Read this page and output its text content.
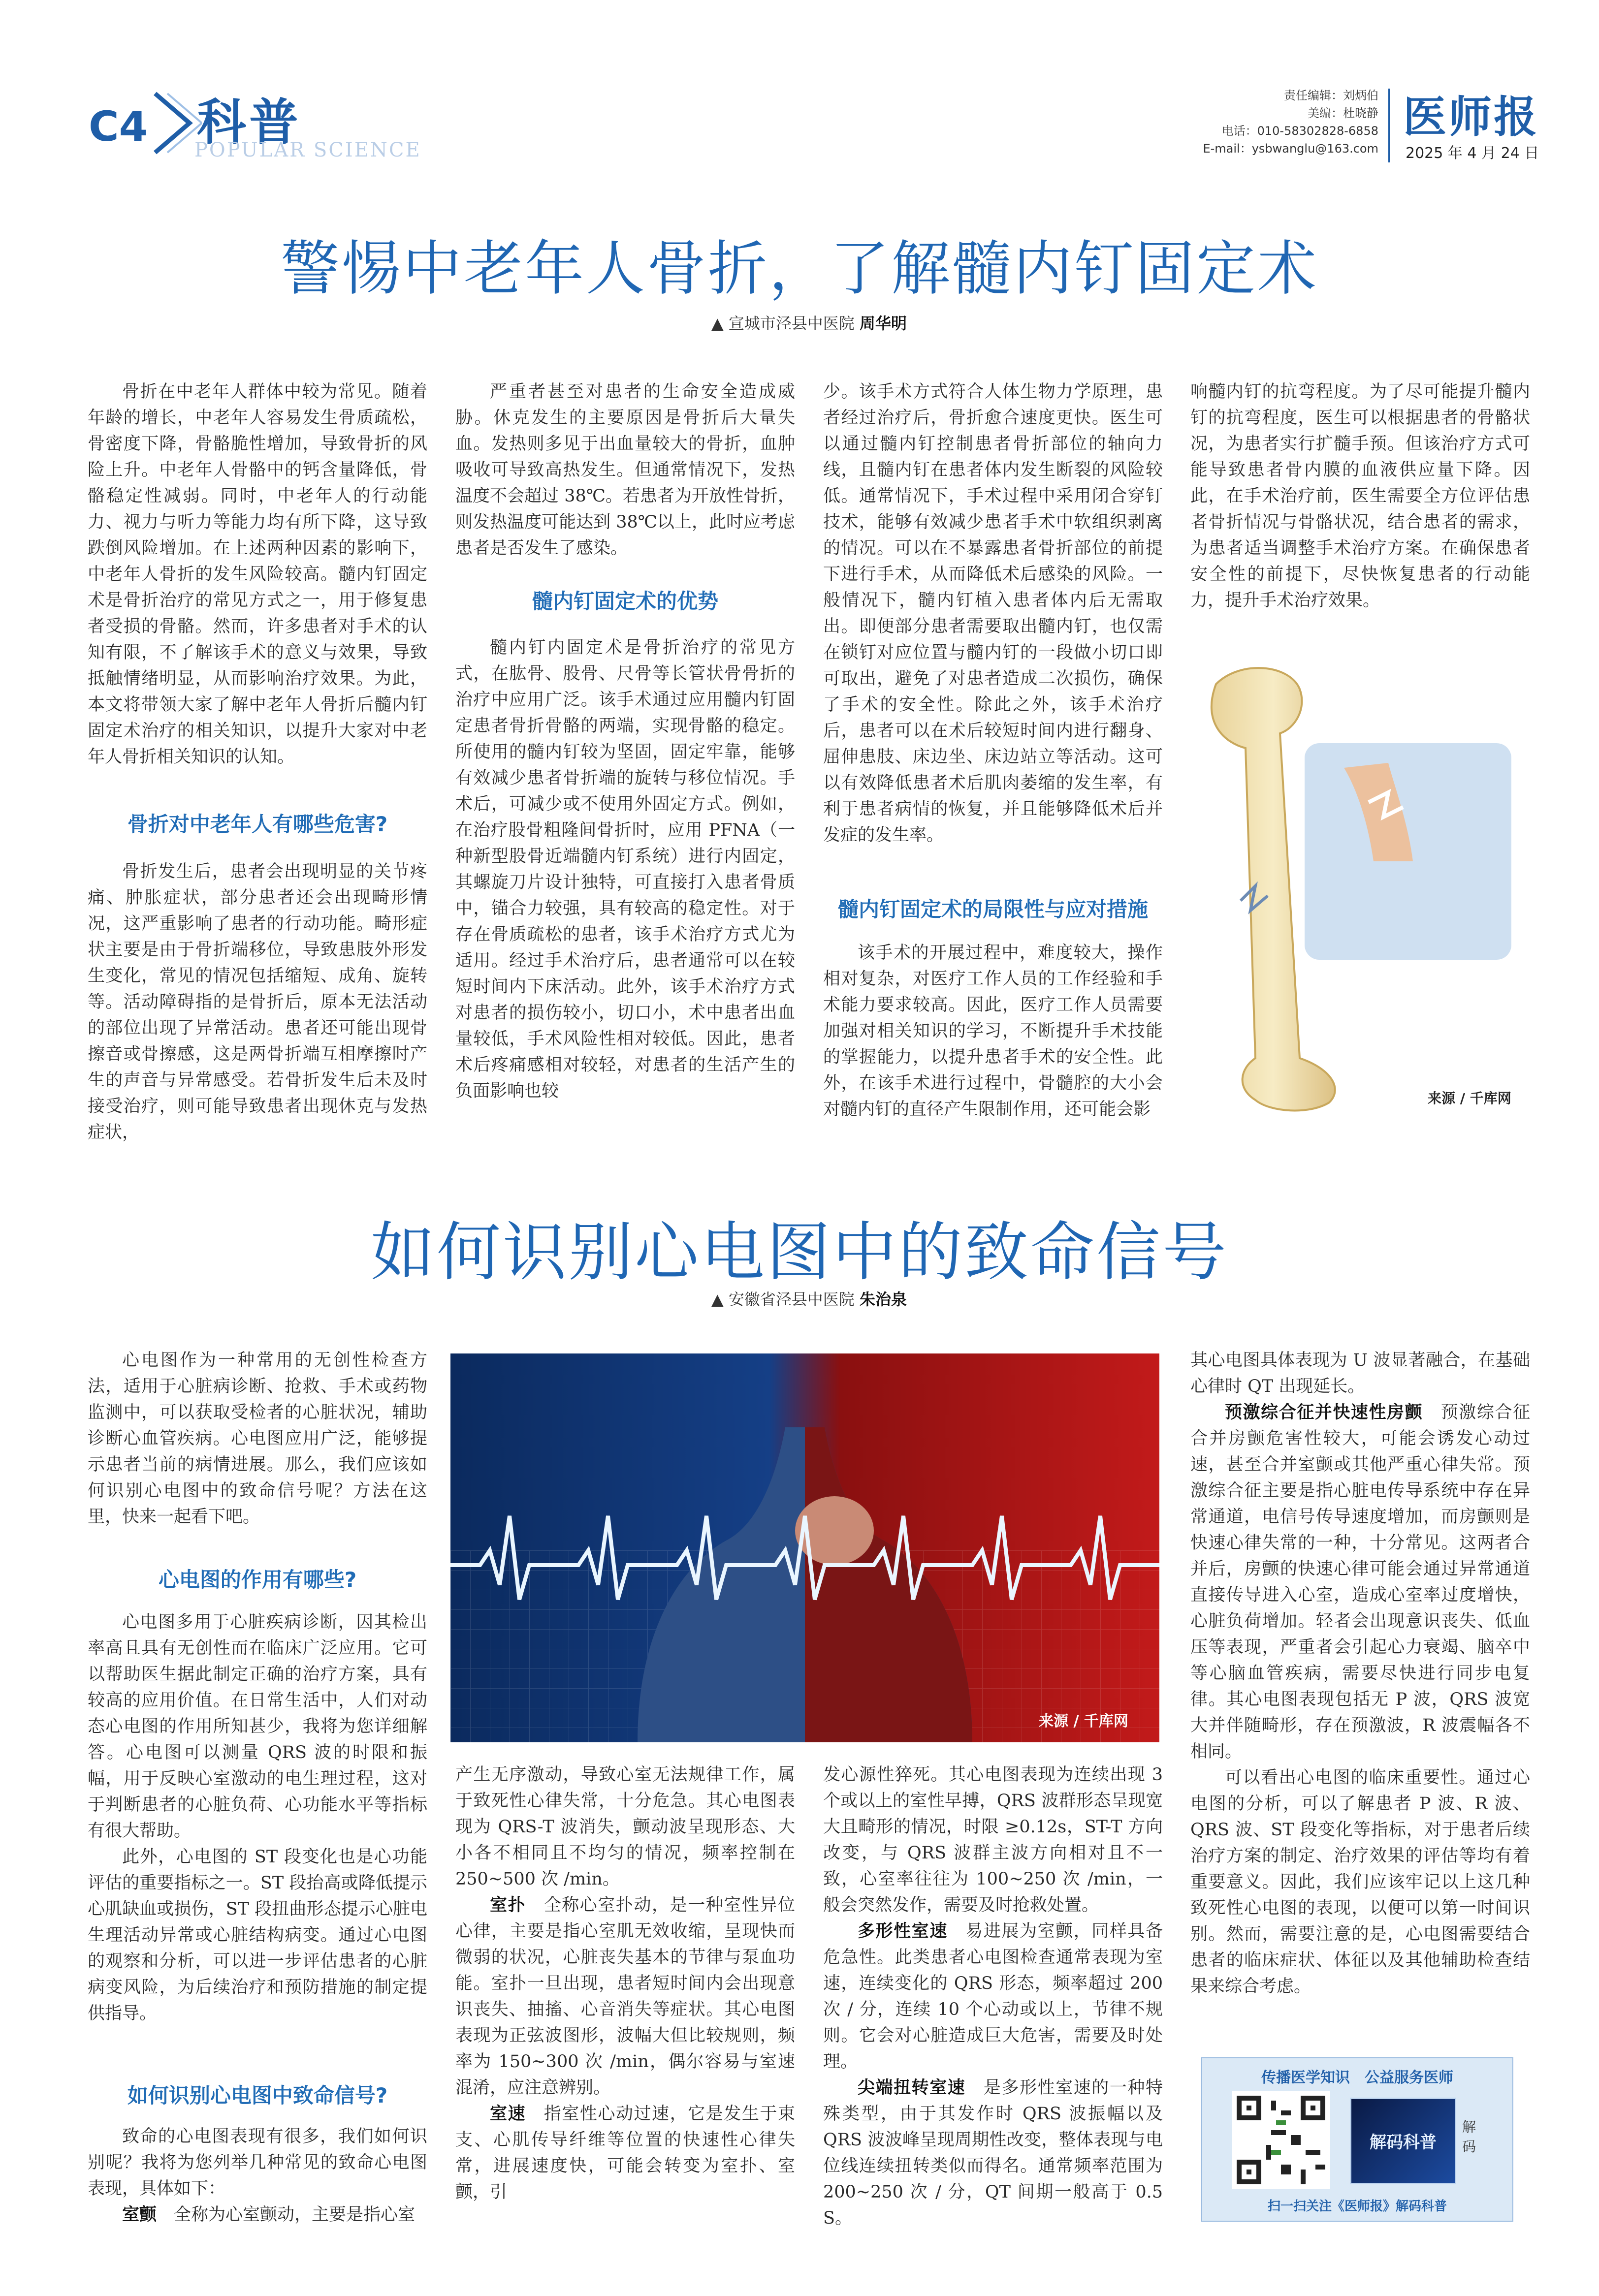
C4 科普
POPULAR SCIENCE
责任编辑：刘炳伯
美编：杜晓静
电话：010-58302828-6858
E-mail：ysbwanglu@163.com
医师报
2025 年 4 月 24 日
警惕中老年人骨折，了解髓内钉固定术
▲ 宣城市泾县中医院 周华明

骨折在中老年人群体中较为常见。随着年龄的增长，中老年人容易发生骨质疏松，骨密度下降，骨骼脆性增加，导致骨折的风险上升。中老年人骨骼中的钙含量降低，骨骼稳定性减弱。同时，中老年人的行动能力、视力与听力等能力均有所下降，这导致跌倒风险增加。在上述两种因素的影响下，中老年人骨折的发生风险较高。髓内钉固定术是骨折治疗的常见方式之一，用于修复患者受损的骨骼。然而，许多患者对手术的认知有限，不了解该手术的意义与效果，导致抵触情绪明显，从而影响治疗效果。为此，本文将带领大家了解中老年人骨折后髓内钉固定术治疗的相关知识，以提升大家对中老年人骨折相关知识的认知。

骨折对中老年人有哪些危害?

骨折发生后，患者会出现明显的关节疼痛、肿胀症状，部分患者还会出现畸形情况，这严重影响了患者的行动功能。畸形症状主要是由于骨折端移位，导致患肢外形发生变化，常见的情况包括缩短、成角、旋转等。活动障碍指的是骨折后，原本无法活动的部位出现了异常活动。患者还可能出现骨擦音或骨擦感，这是两骨折端互相摩擦时产生的声音与异常感受。若骨折发生后未及时接受治疗，则可能导致患者出现休克与发热症状，

严重者甚至对患者的生命安全造成威胁。休克发生的主要原因是骨折后大量失血。发热则多见于出血量较大的骨折，血肿吸收可导致高热发生。但通常情况下，发热温度不会超过 38℃。若患者为开放性骨折，则发热温度可能达到 38℃以上，此时应考虑患者是否发生了感染。

髓内钉固定术的优势

髓内钉内固定术是骨折治疗的常见方式，在肱骨、股骨、尺骨等长管状骨骨折的治疗中应用广泛。该手术通过应用髓内钉固定患者骨折骨骼的两端，实现骨骼的稳定。所使用的髓内钉较为坚固，固定牢靠，能够有效减少患者骨折端的旋转与移位情况。手术后，可减少或不使用外固定方式。例如，在治疗股骨粗隆间骨折时，应用 PFNA（一种新型股骨近端髓内钉系统）进行内固定，其螺旋刀片设计独特，可直接打入患者骨质中，锚合力较强，具有较高的稳定性。对于存在骨质疏松的患者，该手术治疗方式尤为适用。经过手术治疗后，患者通常可以在较短时间内下床活动。此外，该手术治疗方式对患者的损伤较小，切口小，术中患者出血量较低，手术风险性相对较低。因此，患者术后疼痛感相对较轻，对患者的生活产生的负面影响也较

少。该手术方式符合人体生物力学原理，患者经过治疗后，骨折愈合速度更快。医生可以通过髓内钉控制患者骨折部位的轴向力线，且髓内钉在患者体内发生断裂的风险较低。通常情况下，手术过程中采用闭合穿钉技术，能够有效减少患者手术中软组织剥离的情况。可以在不暴露患者骨折部位的前提下进行手术，从而降低术后感染的风险。一般情况下，髓内钉植入患者体内后无需取出。即便部分患者需要取出髓内钉，也仅需在锁钉对应位置与髓内钉的一段做小切口即可取出，避免了对患者造成二次损伤，确保了手术的安全性。除此之外，该手术治疗后，患者可以在术后较短时间内进行翻身、屈伸患肢、床边坐、床边站立等活动。这可以有效降低患者术后肌肉萎缩的发生率，有利于患者病情的恢复，并且能够降低术后并发症的发生率。

髓内钉固定术的局限性与应对措施

该手术的开展过程中，难度较大，操作相对复杂，对医疗工作人员的工作经验和手术能力要求较高。因此，医疗工作人员需要加强对相关知识的学习，不断提升手术技能的掌握能力，以提升患者手术的安全性。此外，在该手术进行过程中，骨髓腔的大小会对髓内钉的直径产生限制作用，还可能会影

响髓内钉的抗弯程度。为了尽可能提升髓内钉的抗弯程度，医生可以根据患者的骨骼状况，为患者实行扩髓手预。但该治疗方式可能导致患者骨内膜的血液供应量下降。因此，在手术治疗前，医生需要全方位评估患者骨折情况与骨骼状况，结合患者的需求，为患者适当调整手术治疗方案。在确保患者安全性的前提下，尽快恢复患者的行动能力，提升手术治疗效果。

来源 / 千库网
如何识别心电图中的致命信号
▲ 安徽省泾县中医院 朱治泉

心电图作为一种常用的无创性检查方法，适用于心脏病诊断、抢救、手术或药物监测中，可以获取受检者的心脏状况，辅助诊断心血管疾病。心电图应用广泛，能够提示患者当前的病情进展。那么，我们应该如何识别心电图中的致命信号呢？方法在这里，快来一起看下吧。

心电图的作用有哪些?

心电图多用于心脏疾病诊断，因其检出率高且具有无创性而在临床广泛应用。它可以帮助医生据此制定正确的治疗方案，具有较高的应用价值。在日常生活中，人们对动态心电图的作用所知甚少，我将为您详细解答。心电图可以测量 QRS 波的时限和振幅，用于反映心室激动的电生理过程，这对于判断患者的心脏负荷、心功能水平等指标有很大帮助。

此外，心电图的 ST 段变化也是心功能评估的重要指标之一。ST 段抬高或降低提示心肌缺血或损伤，ST 段扭曲形态提示心脏电生理活动异常或心脏结构病变。通过心电图的观察和分析，可以进一步评估患者的心脏病变风险，为后续治疗和预防措施的制定提供指导。

如何识别心电图中致命信号?

致命的心电图表现有很多，我们如何识别呢？我将为您列举几种常见的致命心电图表现，具体如下：

室颤　 全称为心室颤动，主要是指心室

来源 / 千库网

产生无序激动，导致心室无法规律工作，属于致死性心律失常，十分危急。其心电图表现为 QRS-T 波消失，颤动波呈现形态、大小各不相同且不均匀的情况，频率控制在 250~500 次 /min。

室扑　 全称心室扑动，是一种室性异位心律，主要是指心室肌无效收缩，呈现快而微弱的状况，心脏丧失基本的节律与泵血功能。室扑一旦出现，患者短时间内会出现意识丧失、抽搐、心音消失等症状。其心电图表现为正弦波图形，波幅大但比较规则，频率为 150~300 次 /min，偶尔容易与室速混淆，应注意辨别。

室速　 指室性心动过速，它是发生于束支、心肌传导纤维等位置的快速性心律失常，进展速度快，可能会转变为室扑、室颤，引

发心源性猝死。其心电图表现为连续出现 3 个或以上的室性早搏，QRS 波群形态呈现宽大且畸形的情况，时限 ≥0.12s，ST-T 方向改变，与 QRS 波群主波方向相对且不一致，心室率往往为 100~250 次 /min，一般会突然发作，需要及时抢救处置。

多形性室速　 易进展为室颤，同样具备危急性。此类患者心电图检查通常表现为室速，连续变化的 QRS 形态，频率超过 200 次 / 分，连续 10 个心动或以上，节律不规则。它会对心脏造成巨大危害，需要及时处理。

尖端扭转室速　 是多形性室速的一种特殊类型，由于其发作时 QRS 波振幅以及 QRS 波波峰呈现周期性改变，整体表现与电位线连续扭转类似而得名。通常频率范围为 200~250 次 / 分，QT 间期一般高于 0.5 S。

其心电图具体表现为 U 波显著融合，在基础心律时 QT 出现延长。

预激综合征并快速性房颤　 预激综合征合并房颤危害性较大，可能会诱发心动过速，甚至合并室颤或其他严重心律失常。预激综合征主要是指心脏电传导系统中存在异常通道，电信号传导速度增加，而房颤则是快速心律失常的一种，十分常见。这两者合并后，房颤的快速心律可能会通过异常通道直接传导进入心室，造成心室率过度增快，心脏负荷增加。轻者会出现意识丧失、低血压等表现，严重者会引起心力衰竭、脑卒中等心脑血管疾病，需要尽快进行同步电复律。其心电图表现包括无 P 波，QRS 波宽大并伴随畸形，存在预激波，R 波震幅各不相同。

可以看出心电图的临床重要性。通过心电图的分析，可以了解患者 P 波、R 波、QRS 波、ST 段变化等指标，对于患者后续治疗方案的制定、治疗效果的评估等均有着重要意义。因此，我们应该牢记以上这几种致死性心电图的表现，以便可以第一时间识别。然而，需要注意的是，心电图需要结合患者的临床症状、体征以及其他辅助检查结果来综合考虑。

传播医学知识　公益服务医师
解码科普
解码
扫一扫关注《医师报》解码科普
